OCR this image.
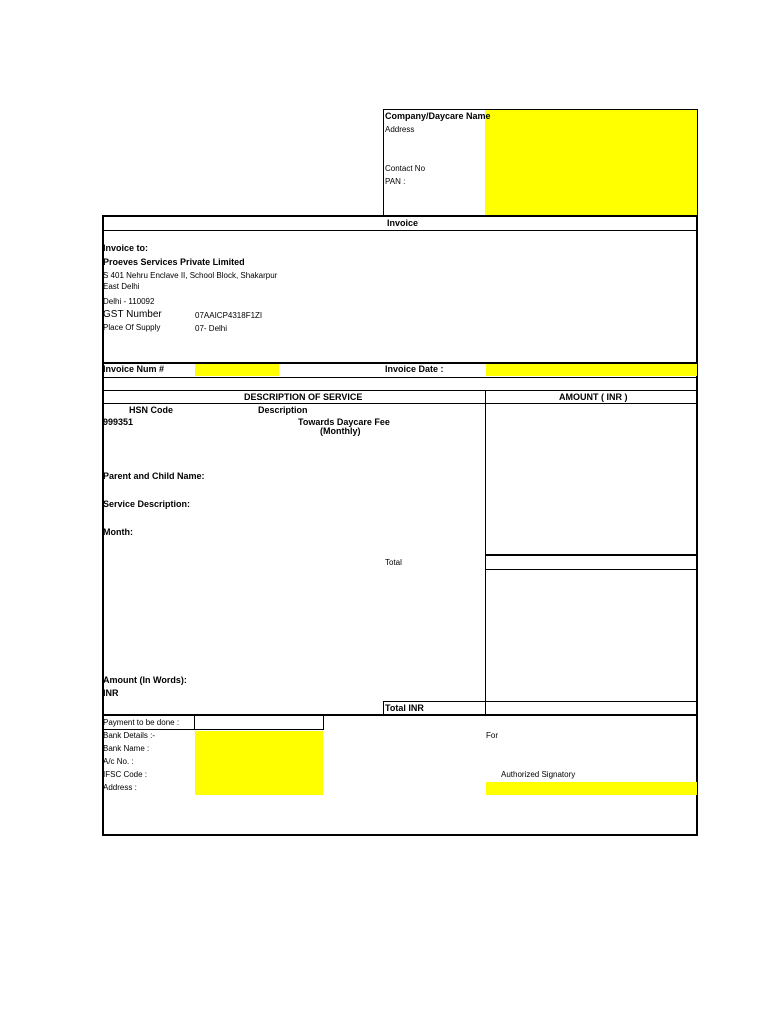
Company/Daycare Name
Address
Contact No
PAN :
Invoice
Invoice to:
Proeves Services Private Limited
S 401 Nehru Enclave II, School Block, Shakarpur
East Delhi
Delhi - 110092
GST Number	07AAICP4318F1ZI
Place Of Supply	07- Delhi
Invoice Num #	Invoice Date :
DESCRIPTION OF SERVICE	AMOUNT ( INR )
HSN Code	Description
999351	Towards Daycare Fee
(Monthly)
Parent and Child Name:
Service Description:
Month:
Total
Amount (In Words):
INR
Total INR
Payment to be done :
Bank Details :-
Bank Name :
A/c No. :
IFSC Code :
Address :
For
Authorized Signatory
